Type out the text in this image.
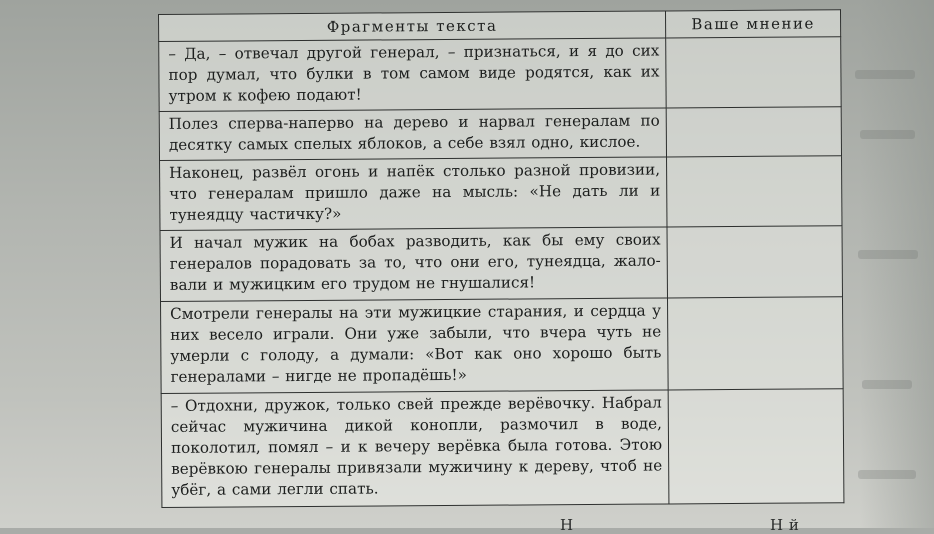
Фрагменты текста	Ваше мнение
– Да, – отвечал другой генерал, – признаться, и я до сих пор думал, что булки в том самом виде родятся, как их утром к кофею подают!	
Полез сперва-наперво на дерево и нарвал генералам по десятку самых спелых яблоков, а себе взял одно, кислое.	
Наконец, развёл огонь и напёк столько разной провизии, что генералам пришло даже на мысль: «Не дать ли и тунеядцу частичку?»	
И начал мужик на бобах разводить, как бы ему своих генералов порадовать за то, что они его, тунеядца, жало- вали и мужицким его трудом не гнушалися!	
Смотрели генералы на эти мужицкие старания, и сердца у них весело играли. Они уже забыли, что вчера чуть не умерли с голоду, а думали: «Вот как оно хорошо быть генералами – нигде не пропадёшь!»	
– Отдохни, дружок, только свей прежде верёвочку. Набрал сейчас мужичина дикой конопли, размочил в воде, поколотил, помял – и к вечеру верёвка была готова. Этою верёвкою генералы привязали мужичину к дереву, чтоб не убёг, а сами легли спать.	
Н	Н й
